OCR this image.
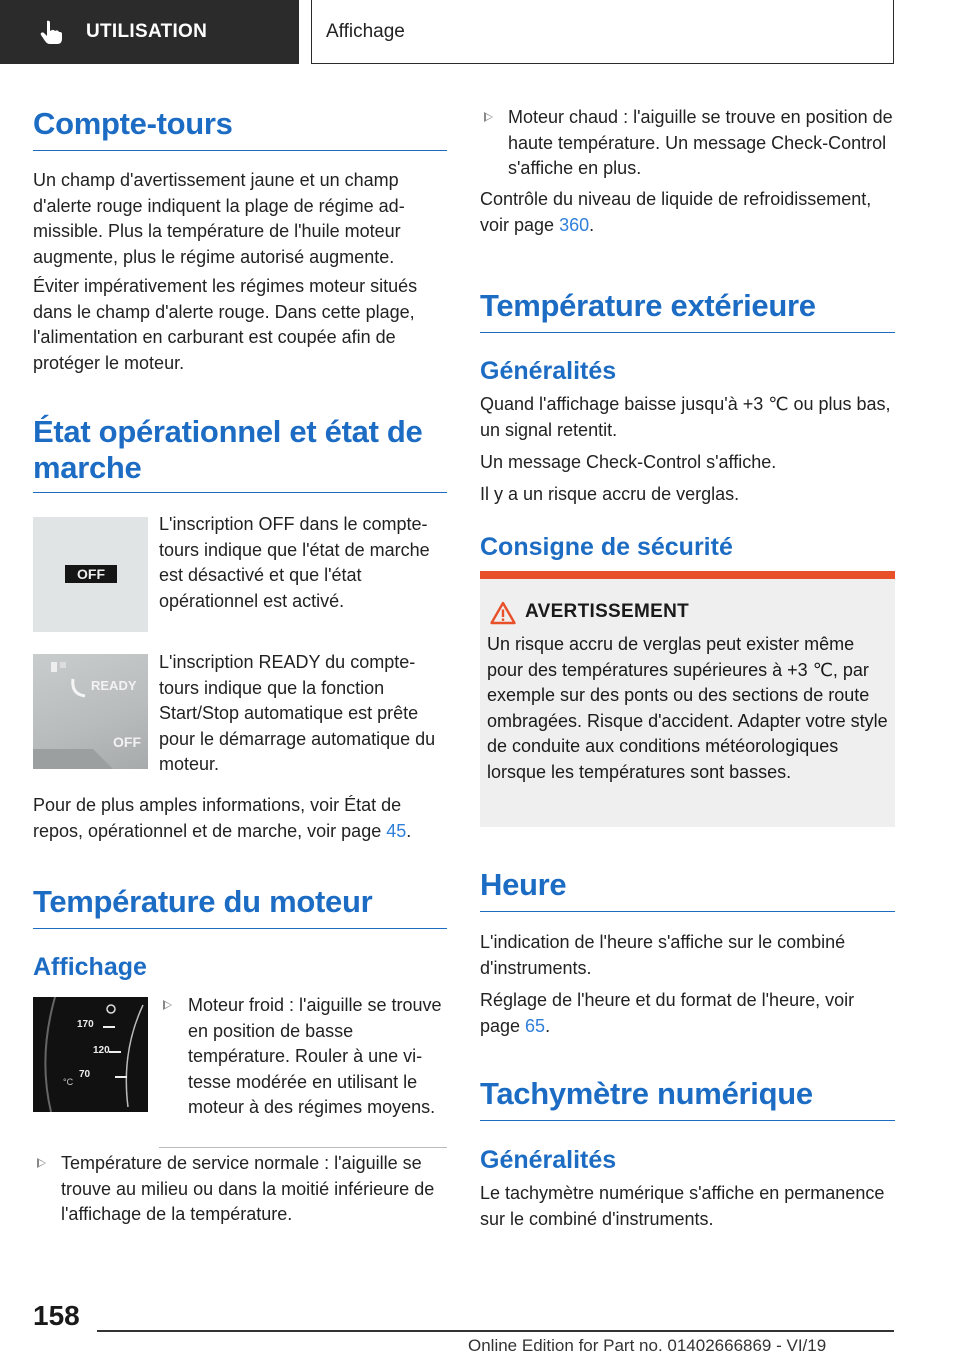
UTILISATION	Affichage
Compte-tours

Un champ d'avertissement jaune et un champ d'alerte rouge indiquent la plage de régime admissible. Plus la température de l'huile moteur augmente, plus le régime autorisé augmente.

Éviter impérativement les régimes moteur situés dans le champ d'alerte rouge. Dans cette plage, l'alimentation en carburant est coupée afin de protéger le moteur.

État opérationnel et état de marche
OFF

L'inscription OFF dans le compte-tours indique que l'état de marche est désactivé et que l'état opérationnel est activé.

READY
OFF

L'inscription READY du compte-tours indique que la fonction Start/Stop automatique est prête pour le démarrage automatique du moteur.

Pour de plus amples informations, voir État de repos, opérationnel et de marche, voir page 45.

Température du moteur
Affichage
170
120
70
°C
Moteur froid : l'aiguille se trouve en position de basse température. Rouler à une vitesse modérée en utilisant le moteur à des régimes moyens.
Température de service normale : l'aiguille se trouve au milieu ou dans la moitié inférieure de l'affichage de la température.
Moteur chaud : l'aiguille se trouve en position de haute température. Un message Check-Control s'affiche en plus.

Contrôle du niveau de liquide de refroidissement, voir page 360.

Température extérieure
Généralités

Quand l'affichage baisse jusqu'à +3 ℃ ou plus bas, un signal retentit.

Un message Check-Control s'affiche.

Il y a un risque accru de verglas.

Consigne de sécurité
AVERTISSEMENT
Un risque accru de verglas peut exister même pour des températures supérieures à +3 ℃, par exemple sur des ponts ou des sections de route ombragées. Risque d'accident. Adapter votre style de conduite aux conditions météorologiques lorsque les températures sont basses.
Heure

L'indication de l'heure s'affiche sur le combiné d'instruments.

Réglage de l'heure et du format de l'heure, voir page 65.

Tachymètre numérique
Généralités

Le tachymètre numérique s'affiche en permanence sur le combiné d'instruments.

158
Online Edition for Part no. 01402666869 - VI/19
